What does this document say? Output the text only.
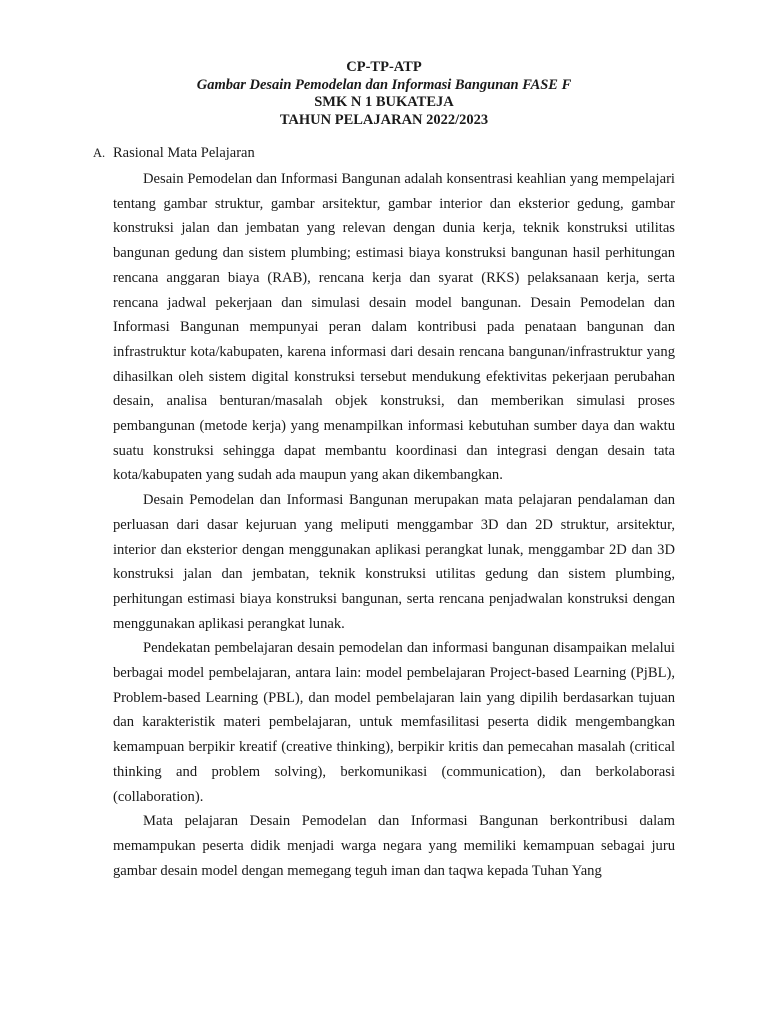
CP-TP-ATP
Gambar Desain Pemodelan dan Informasi Bangunan FASE F
SMK N 1 BUKATEJA
TAHUN PELAJARAN 2022/2023
A. Rasional Mata Pelajaran

Desain Pemodelan dan Informasi Bangunan adalah konsentrasi keahlian yang mempelajari tentang gambar struktur, gambar arsitektur, gambar interior dan eksterior gedung, gambar konstruksi jalan dan jembatan yang relevan dengan dunia kerja, teknik konstruksi utilitas bangunan gedung dan sistem plumbing; estimasi biaya konstruksi bangunan hasil perhitungan rencana anggaran biaya (RAB), rencana kerja dan syarat (RKS) pelaksanaan kerja, serta rencana jadwal pekerjaan dan simulasi desain model bangunan. Desain Pemodelan dan Informasi Bangunan mempunyai peran dalam kontribusi pada penataan bangunan dan infrastruktur kota/kabupaten, karena informasi dari desain rencana bangunan/infrastruktur yang dihasilkan oleh sistem digital konstruksi tersebut mendukung efektivitas pekerjaan perubahan desain, analisa benturan/masalah objek konstruksi, dan memberikan simulasi proses pembangunan (metode kerja) yang menampilkan informasi kebutuhan sumber daya dan waktu suatu konstruksi sehingga dapat membantu koordinasi dan integrasi dengan desain tata kota/kabupaten yang sudah ada maupun yang akan dikembangkan.

Desain Pemodelan dan Informasi Bangunan merupakan mata pelajaran pendalaman dan perluasan dari dasar kejuruan yang meliputi menggambar 3D dan 2D struktur, arsitektur, interior dan eksterior dengan menggunakan aplikasi perangkat lunak, menggambar 2D dan 3D konstruksi jalan dan jembatan, teknik konstruksi utilitas gedung dan sistem plumbing, perhitungan estimasi biaya konstruksi bangunan, serta rencana penjadwalan konstruksi dengan menggunakan aplikasi perangkat lunak.

Pendekatan pembelajaran desain pemodelan dan informasi bangunan disampaikan melalui berbagai model pembelajaran, antara lain: model pembelajaran Project-based Learning (PjBL), Problem-based Learning (PBL), dan model pembelajaran lain yang dipilih berdasarkan tujuan dan karakteristik materi pembelajaran, untuk memfasilitasi peserta didik mengembangkan kemampuan berpikir kreatif (creative thinking), berpikir kritis dan pemecahan masalah (critical thinking and problem solving), berkomunikasi (communication), dan berkolaborasi (collaboration).

Mata pelajaran Desain Pemodelan dan Informasi Bangunan berkontribusi dalam memampukan peserta didik menjadi warga negara yang memiliki kemampuan sebagai juru gambar desain model dengan memegang teguh iman dan taqwa kepada Tuhan Yang
